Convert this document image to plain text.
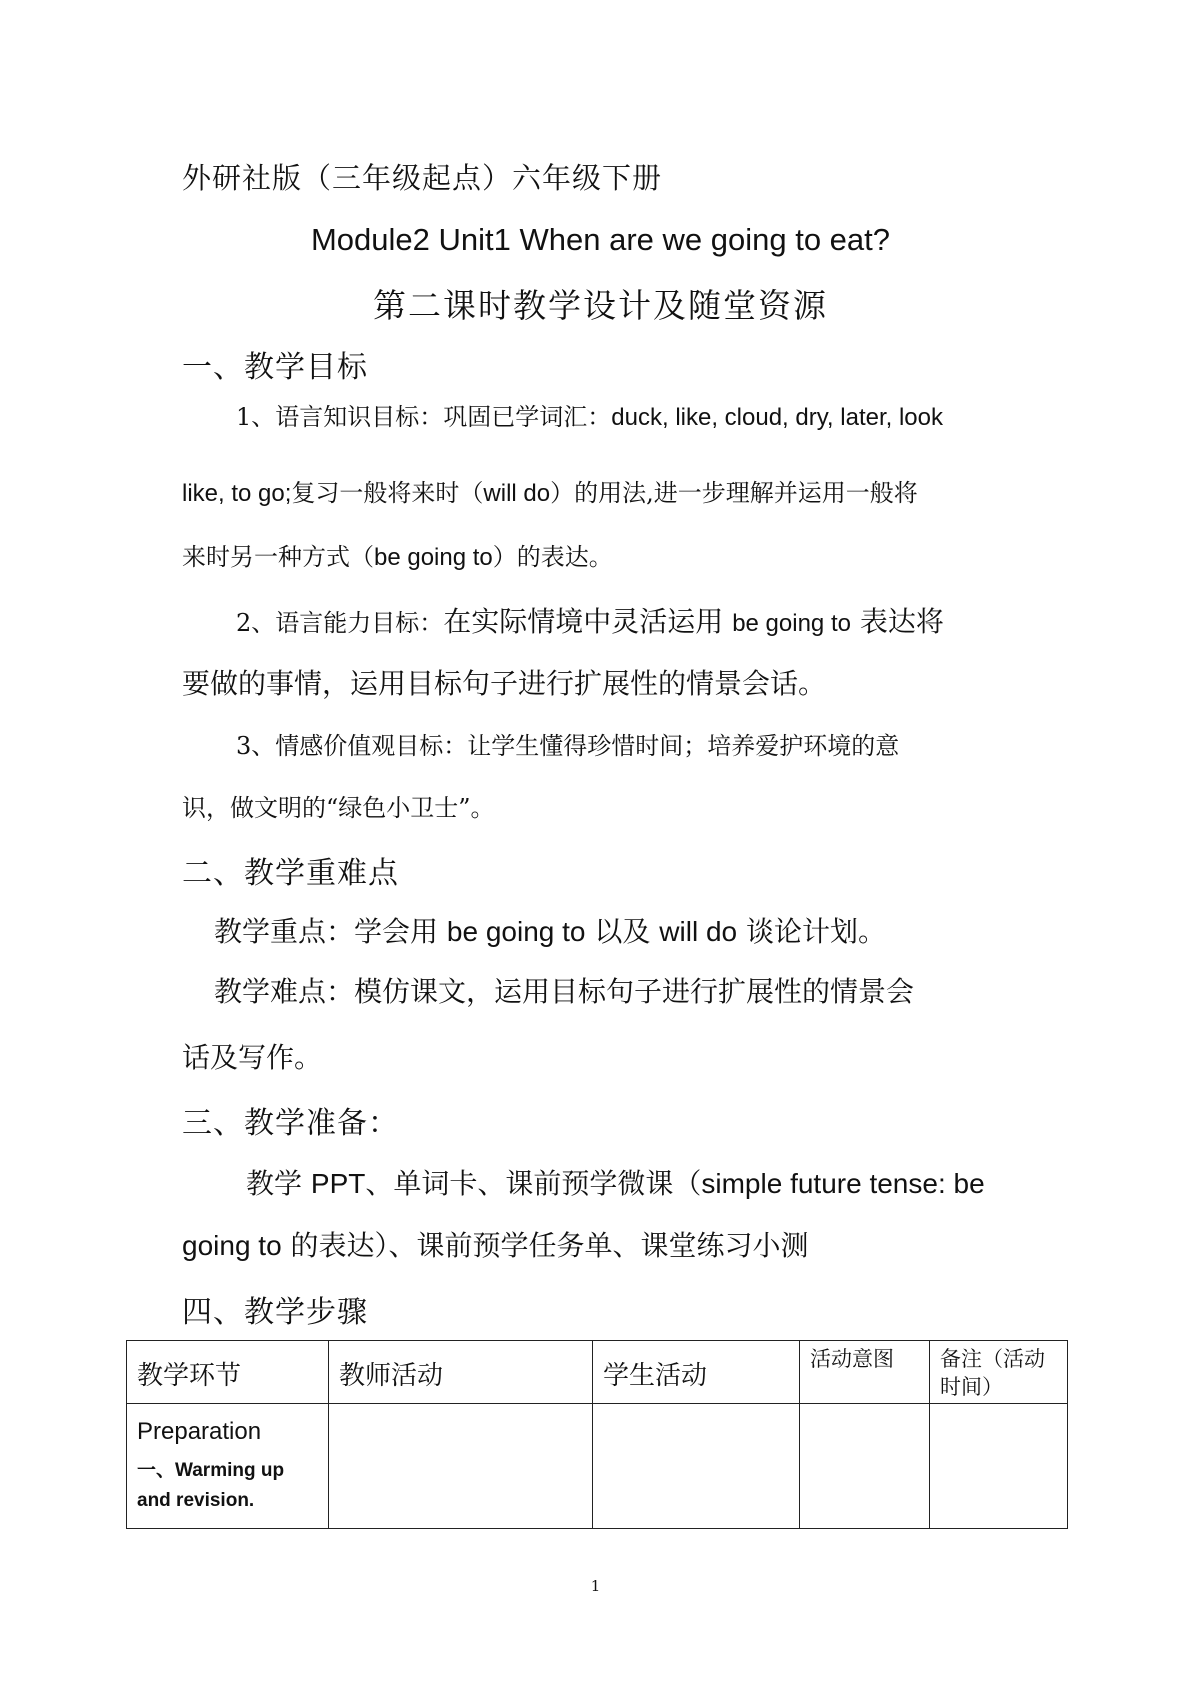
外研社版（三年级起点）六年级下册
Module2 Unit1 When are we going to eat?
第二课时教学设计及随堂资源
一、教学目标
1、语言知识目标：巩固已学词汇：duck, like, cloud, dry, later, look
like, to go;复习一般将来时（will do）的用法,进一步理解并运用一般将
来时另一种方式（be going to）的表达。
2、语言能力目标：在实际情境中灵活运用 be going to 表达将
要做的事情，运用目标句子进行扩展性的情景会话。
3、情感价值观目标：让学生懂得珍惜时间；培养爱护环境的意
识，做文明的“绿色小卫士”。
二、教学重难点
教学重点：学会用 be going to 以及 will do 谈论计划。
教学难点：模仿课文，运用目标句子进行扩展性的情景会
话及写作。
三、教学准备：
教学 PPT、单词卡、课前预学微课（simple future tense: be
going to 的表达）、课前预学任务单、课堂练习小测
四、教学步骤
教学环节	教师活动	学生活动	活动意图	备注（活动
时间）

Preparation
一、Warming up
and revision.				

1
